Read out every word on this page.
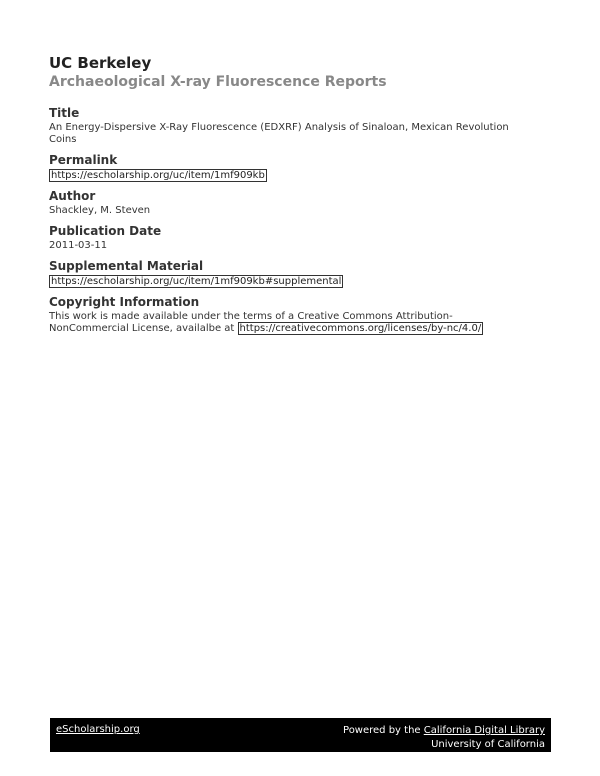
UC Berkeley
Archaeological X-ray Fluorescence Reports
Title
An Energy-Dispersive X-Ray Fluorescence (EDXRF) Analysis of Sinaloan, Mexican Revolution
Coins
Permalink
https://escholarship.org/uc/item/1mf909kb
Author
Shackley, M. Steven
Publication Date
2011-03-11
Supplemental Material
https://escholarship.org/uc/item/1mf909kb#supplemental
Copyright Information
This work is made available under the terms of a Creative Commons Attribution-
NonCommercial License, availalbe at https://creativecommons.org/licenses/by-nc/4.0/
eScholarship.org	Powered by the California Digital Library
University of California
